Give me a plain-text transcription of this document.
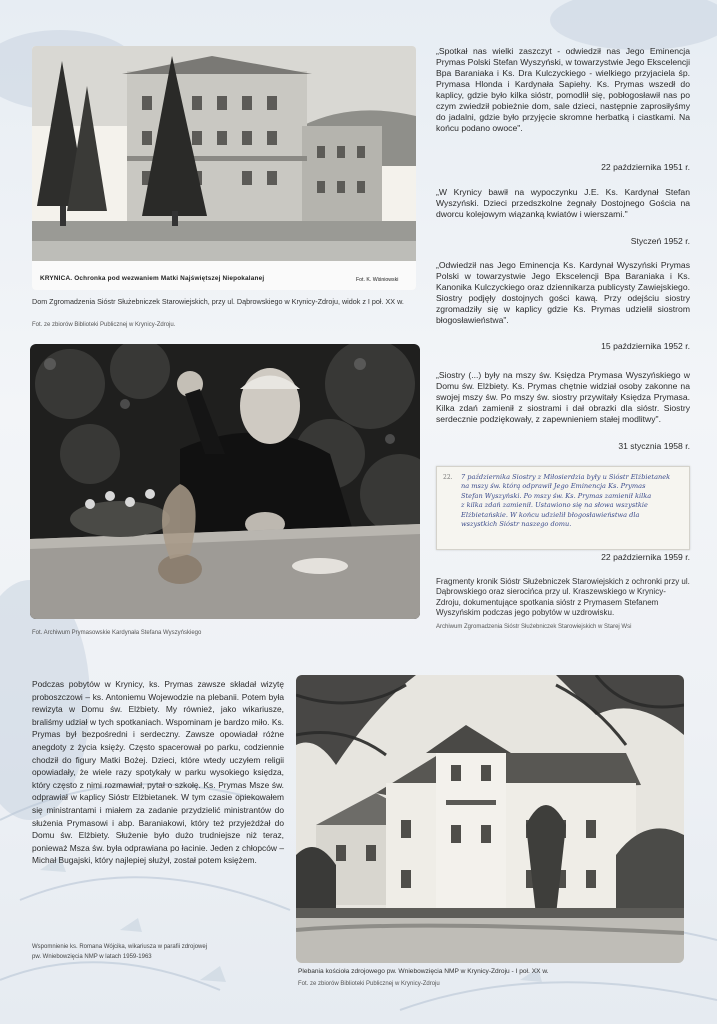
KRYNICA. Ochronka pod wezwaniem Matki Najświętszej Niepokalanej	Fot. K. Wiśniowski
Dom Zgromadzenia Sióstr Służebniczek Starowiejskich, przy ul. Dąbrowskiego w Krynicy-Zdroju, widok z I poł. XX w.
Fot. ze zbiorów Biblioteki Publicznej w Krynicy-Zdroju.
Fot. Archiwum Prymasowskie Kardynała Stefana Wyszyńskiego
„Spotkał nas wielki zaszczyt - odwiedził nas Jego Eminencja Prymas Polski Stefan Wyszyński, w towarzystwie Jego Ekscelencji Bpa Baraniaka i Ks. Dra Kulczyckiego - wielkiego przyjaciela śp. Prymasa Hlonda i Kardynała Sapiehy. Ks. Prymas wszedł do kaplicy, gdzie było kilka sióstr, pomodlił się, pobłogosławił nas po czym zwiedził pobieżnie dom, sale dzieci, następnie zaprosiłyśmy do jadalni, gdzie było przyjęcie skromne herbatką i ciastkami. Na końcu podano owoce".
22 października 1951 r.
„W Krynicy bawił na wypoczynku J.E. Ks. Kardynał Stefan Wyszyński. Dzieci przedszkolne żegnały Dostojnego Gościa na dworcu kolejowym wiązanką kwiatów i wierszami."
Styczeń 1952 r.
„Odwiedził nas Jego Eminencja Ks. Kardynał Wyszyński Prymas Polski w towarzystwie Jego Ekscelencji Bpa Baraniaka i Ks. Kanonika Kulczyckiego oraz dziennikarza publicysty Zawiejskiego. Siostry podjęły dostojnych gości kawą. Przy odejściu siostry zgromadziły się w kaplicy gdzie Ks. Prymas udzielił siostrom błogosławieństwa".
15 października 1952 r.
„Siostry (...) były na mszy św. Księdza Prymasa Wyszyńskiego w Domu św. Elżbiety. Ks. Prymas chętnie widział osoby zakonne na swojej mszy św. Po mszy św. siostry przywitały Księdza Prymasa. Kilka zdań zamienił z siostrami i dał obrazki dla sióstr. Siostry serdecznie podziękowały, z zapewnieniem stałej modlitwy".
31 stycznia 1958 r.
22. 7 października Siostry z Miłosierdzia były u Sióstr Elżbietanek
na mszy św. którą odprawił Jego Eminencja Ks. Prymas
Stefan Wyszyński. Po mszy św. Ks. Prymas zamienił kilka
z kilka zdań zamienił. Ustawiono się na słowa wszystkie
Elżbietańskie. W końcu udzielił błogosławieństwa dla
wszystkich Sióstr naszego domu.
22 października 1959 r.
Fragmenty kronik Sióstr Służebniczek Starowiejskich z ochronki przy ul. Dąbrowskiego oraz sierocińca przy ul. Kraszewskiego w Krynicy-Zdroju, dokumentujące spotkania sióstr z Prymasem Stefanem Wyszyńskim podczas jego pobytów w uzdrowisku.
Archiwum Zgromadzenia Sióstr Służebniczek Starowiejskich w Starej Wsi
Podczas pobytów w Krynicy, ks. Prymas zawsze składał wizytę proboszczowi – ks. Antoniemu Wojewodzie na plebanii. Potem była rewizyta w Domu św. Elżbiety. My również, jako wikariusze, braliśmy udział w tych spotkaniach. Wspominam je bardzo miło. Ks. Prymas był bezpośredni i serdeczny. Zawsze opowiadał różne anegdoty z życia księży. Często spacerował po parku, codziennie chodził do figury Matki Bożej. Dzieci, które wtedy uczyłem religii opowiadały, że wiele razy spotykały w parku wysokiego księdza, który często z nimi rozmawiał, pytał o szkołę. Ks. Prymas Msze św. odprawiał w kaplicy Sióstr Elżbietanek. W tym czasie opiekowałem się ministrantami i miałem za zadanie przydzielić ministrantów do służenia Prymasowi i abp. Baraniakowi, który też przyjeżdżał do Domu św. Elżbiety. Służenie było dużo trudniejsze niż teraz, ponieważ Msza św. była odprawiana po łacinie. Jeden z chłopców – Michał Bugajski, który najlepiej służył, został potem księżem.
Wspomnienie ks. Romana Wójcika, wikariusza w parafii zdrojowej
pw. Wniebowzięcia NMP w latach 1959-1963
Plebania kościoła zdrojowego pw. Wniebowzięcia NMP w Krynicy-Zdroju - I poł. XX w.
Fot. ze zbiorów Biblioteki Publicznej w Krynicy-Zdroju
